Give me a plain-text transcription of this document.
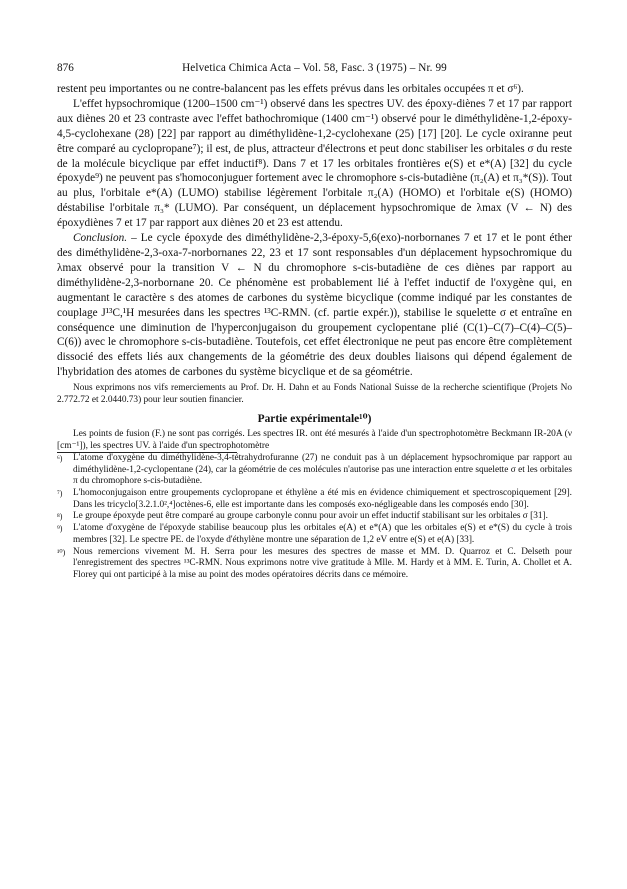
876	Helvetica Chimica Acta – Vol. 58, Fasc. 3 (1975) – Nr. 99

restent peu importantes ou ne contre-balancent pas les effets prévus dans les orbitales occupées π et σ⁶).

L'effet hypsochromique (1200–1500 cm⁻¹) observé dans les spectres UV. des époxy-diènes 7 et 17 par rapport aux diènes 20 et 23 contraste avec l'effet bathochromique (1400 cm⁻¹) observé pour le diméthylidène-1,2-époxy-4,5-cyclohexane (28) [22] par rapport au diméthylidène-1,2-cyclohexane (25) [17] [20]. Le cycle oxiranne peut être comparé au cyclopropane⁷); il est, de plus, attracteur d'électrons et peut donc stabiliser les orbitales σ du reste de la molécule bicyclique par effet inductif⁸). Dans 7 et 17 les orbitales frontières e(S) et e*(A) [32] du cycle époxyde⁹) ne peuvent pas s'homoconjuguer fortement avec le chromophore s-cis-butadiène (π₂(A) et π₃*(S)). Tout au plus, l'orbitale e*(A) (LUMO) stabilise légèrement l'orbitale π₂(A) (HOMO) et l'orbitale e(S) (HOMO) déstabilise l'orbitale π₃* (LUMO). Par conséquent, un déplacement hypsochromique de λmax (V ← N) des époxydiènes 7 et 17 par rapport aux diènes 20 et 23 est attendu.

Conclusion. – Le cycle époxyde des diméthylidène-2,3-époxy-5,6(exo)-norbornanes 7 et 17 et le pont éther des diméthylidène-2,3-oxa-7-norbornanes 22, 23 et 17 sont responsables d'un déplacement hypsochromique du λmax observé pour la transition V ← N du chromophore s-cis-butadiène de ces diènes par rapport au diméthylidène-2,3-norbornane 20. Ce phénomène est probablement lié à l'effet inductif de l'oxygène qui, en augmentant le caractère s des atomes de carbones du système bicyclique (comme indiqué par les constantes de couplage J¹³C,¹H mesurées dans les spectres ¹³C-RMN. (cf. partie expér.)), stabilise le squelette σ et entraîne en conséquence une diminution de l'hyperconjugaison du groupement cyclopentane plié (C(1)–C(7)–C(4)–C(5)–C(6)) avec le chromophore s-cis-butadiène. Toutefois, cet effet électronique ne peut pas encore être complètement dissocié des effets liés aux changements de la géométrie des deux doubles liaisons qui dépend également de l'hybridation des atomes de carbones du système bicyclique et de sa géométrie.

Nous exprimons nos vifs remerciements au Prof. Dr. H. Dahn et au Fonds National Suisse de la recherche scientifique (Projets No 2.772.72 et 2.0440.73) pour leur soutien financier.

Partie expérimentale¹⁰)

Les points de fusion (F.) ne sont pas corrigés. Les spectres IR. ont été mesurés à l'aide d'un spectrophotomètre Beckmann IR-20A (ν [cm⁻¹]), les spectres UV. à l'aide d'un spectrophotomètre

⁶)	L'atome d'oxygène du diméthylidène-3,4-tétrahydrofuranne (27) ne conduit pas à un déplacement hypsochromique par rapport au diméthylidène-1,2-cyclopentane (24), car la géométrie de ces molécules n'autorise pas une interaction entre squelette σ et les orbitales π du chromophore s-cis-butadiène.
⁷)	L'homoconjugaison entre groupements cyclopropane et éthylène a été mis en évidence chimiquement et spectroscopiquement [29]. Dans les tricyclo[3.2.1.0²,⁴]octènes-6, elle est importante dans les composés exo-négligeable dans les composés endo [30].
⁸)	Le groupe époxyde peut être comparé au groupe carbonyle connu pour avoir un effet inductif stabilisant sur les orbitales σ [31].
⁹)	L'atome d'oxygène de l'époxyde stabilise beaucoup plus les orbitales e(A) et e*(A) que les orbitales e(S) et e*(S) du cycle à trois membres [32]. Le spectre PE. de l'oxyde d'éthylène montre une séparation de 1,2 eV entre e(S) et e(A) [33].
¹⁰) Nous remercions vivement M. H. Serra pour les mesures des spectres de masse et MM. D. Quarroz et C. Delseth pour l'enregistrement des spectres ¹³C-RMN. Nous exprimons notre vive gratitude à Mlle. M. Hardy et à MM. E. Turin, A. Chollet et A. Florey qui ont participé à la mise au point des modes opératoires décrits dans ce mémoire.
